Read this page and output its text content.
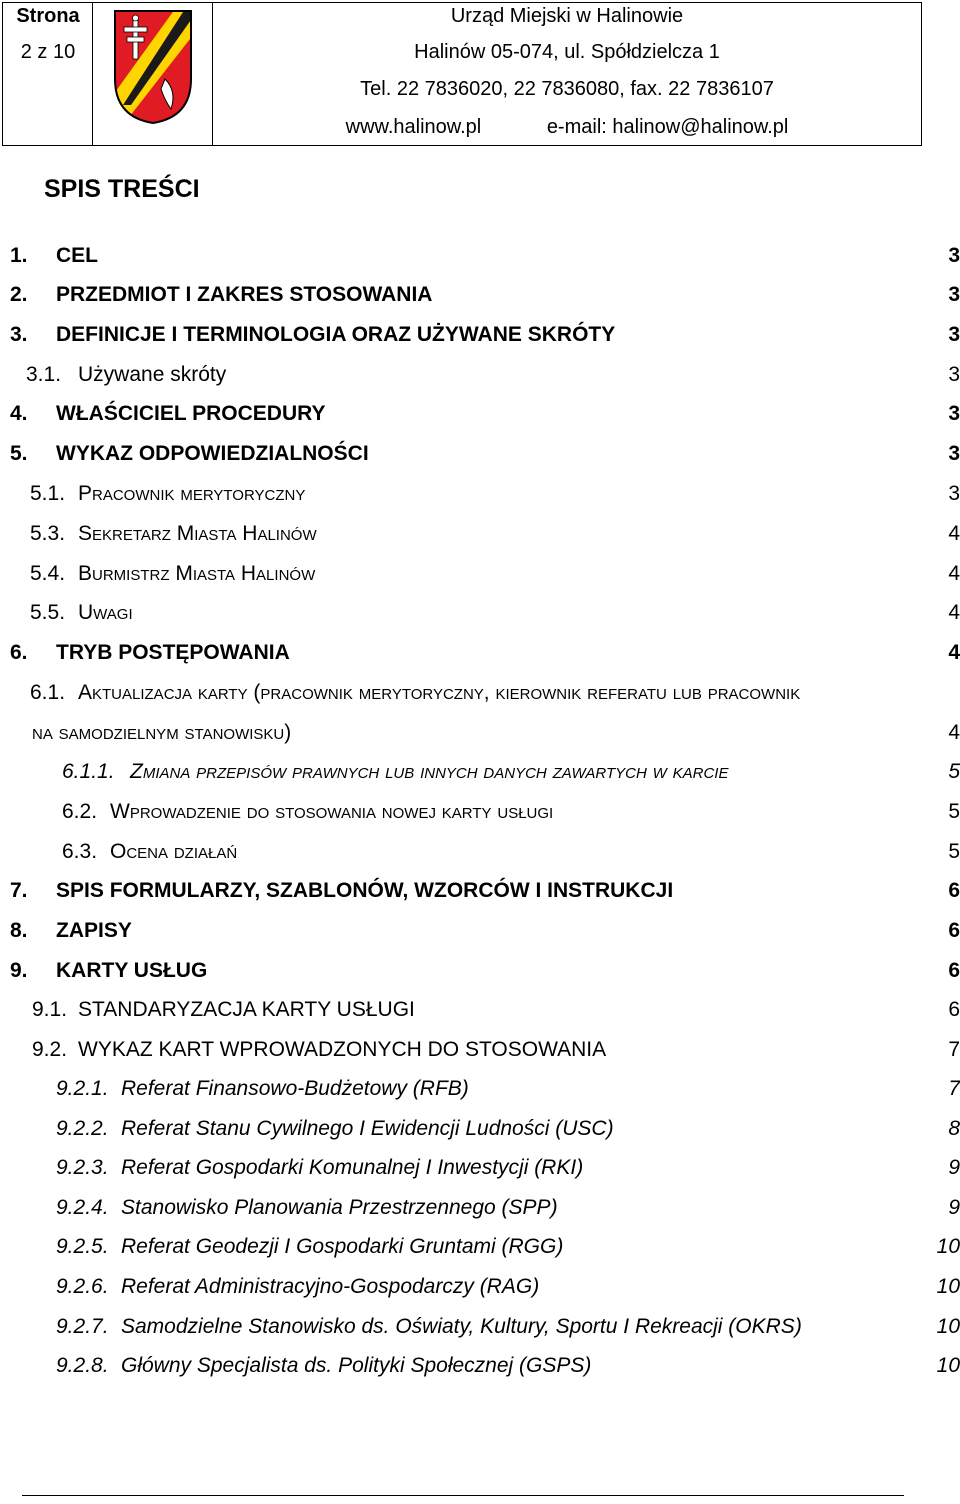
Strona
2 z 10
Urząd Miejski w Halinowie
Halinów 05-074, ul. Spółdzielcza 1
Tel. 22 7836020, 22 7836080, fax. 22 7836107
www.halinow.pl	e-mail: halinow@halinow.pl
SPIS TREŚCI
1. CEL	3
2. PRZEDMIOT I ZAKRES STOSOWANIA	3
3. DEFINICJE I TERMINOLOGIA ORAZ UŻYWANE SKRÓTY	3
3.1. Używane skróty	3
4. WŁAŚCICIEL PROCEDURY	3
5. WYKAZ ODPOWIEDZIALNOŚCI	3
5.1. Pracownik merytoryczny	3
5.3. Sekretarz Miasta Halinów	4
5.4. Burmistrz Miasta Halinów	4
5.5. Uwagi	4
6. TRYB POSTĘPOWANIA	4
6.1. Aktualizacja karty (pracownik merytoryczny, kierownik referatu lub pracownik
na samodzielnym stanowisku)	4
6.1.1. Zmiana przepisów prawnych lub innych danych zawartych w karcie	5
6.2. Wprowadzenie do stosowania nowej karty usługi	5
6.3. Ocena działań	5
7. SPIS FORMULARZY, SZABLONÓW, WZORCÓW I INSTRUKCJI	6
8. ZAPISY	6
9. KARTY USŁUG	6
9.1. STANDARYZACJA KARTY USŁUGI	6
9.2. WYKAZ KART WPROWADZONYCH DO STOSOWANIA	7
9.2.1. Referat Finansowo-Budżetowy (RFB)	7
9.2.2. Referat Stanu Cywilnego I Ewidencji Ludności (USC)	8
9.2.3. Referat Gospodarki Komunalnej I Inwestycji (RKI)	9
9.2.4. Stanowisko Planowania Przestrzennego (SPP)	9
9.2.5. Referat Geodezji I Gospodarki Gruntami (RGG)	10
9.2.6. Referat Administracyjno-Gospodarczy (RAG)	10
9.2.7. Samodzielne Stanowisko ds. Oświaty, Kultury, Sportu I Rekreacji (OKRS)	10
9.2.8. Główny Specjalista ds. Polityki Społecznej (GSPS)	10
